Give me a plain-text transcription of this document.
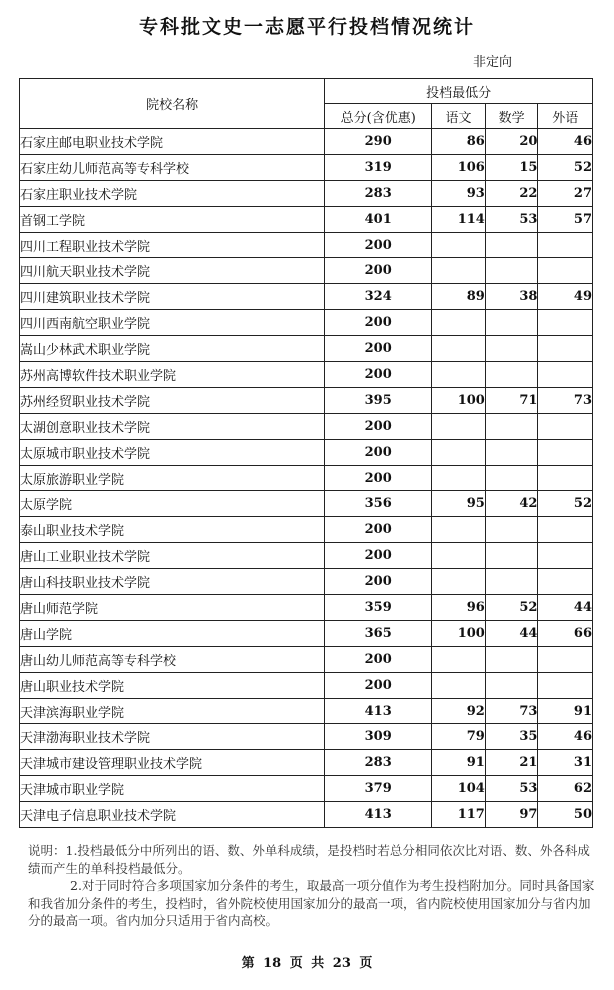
专科批文史一志愿平行投档情况统计
非定向
院校名称	投档最低分			
	总分(含优惠)	语文	数学	外语
石家庄邮电职业技术学院	290	86	20	46
石家庄幼儿师范高等专科学校	319	106	15	52
石家庄职业技术学院	283	93	22	27
首钢工学院	401	114	53	57
四川工程职业技术学院	200			
四川航天职业技术学院	200			
四川建筑职业技术学院	324	89	38	49
四川西南航空职业学院	200			
嵩山少林武术职业学院	200			
苏州高博软件技术职业学院	200			
苏州经贸职业技术学院	395	100	71	73
太湖创意职业技术学院	200			
太原城市职业技术学院	200			
太原旅游职业学院	200			
太原学院	356	95	42	52
泰山职业技术学院	200			
唐山工业职业技术学院	200			
唐山科技职业技术学院	200			
唐山师范学院	359	96	52	44
唐山学院	365	100	44	66
唐山幼儿师范高等专科学校	200			
唐山职业技术学院	200			
天津滨海职业学院	413	92	73	91
天津渤海职业技术学院	309	79	35	46
天津城市建设管理职业技术学院	283	91	21	31
天津城市职业学院	379	104	53	62
天津电子信息职业技术学院	413	117	97	50

说明：1.投档最低分中所列出的语、数、外单科成绩，是投档时若总分相同依次比对语、数、外各科成绩而产生的单科投档最低分。

2.对于同时符合多项国家加分条件的考生，取最高一项分值作为考生投档附加分。同时具备国家和我省加分条件的考生，投档时，省外院校使用国家加分的最高一项，省内院校使用国家加分与省内加分的最高一项。省内加分只适用于省内高校。

第 18 页 共 23 页
